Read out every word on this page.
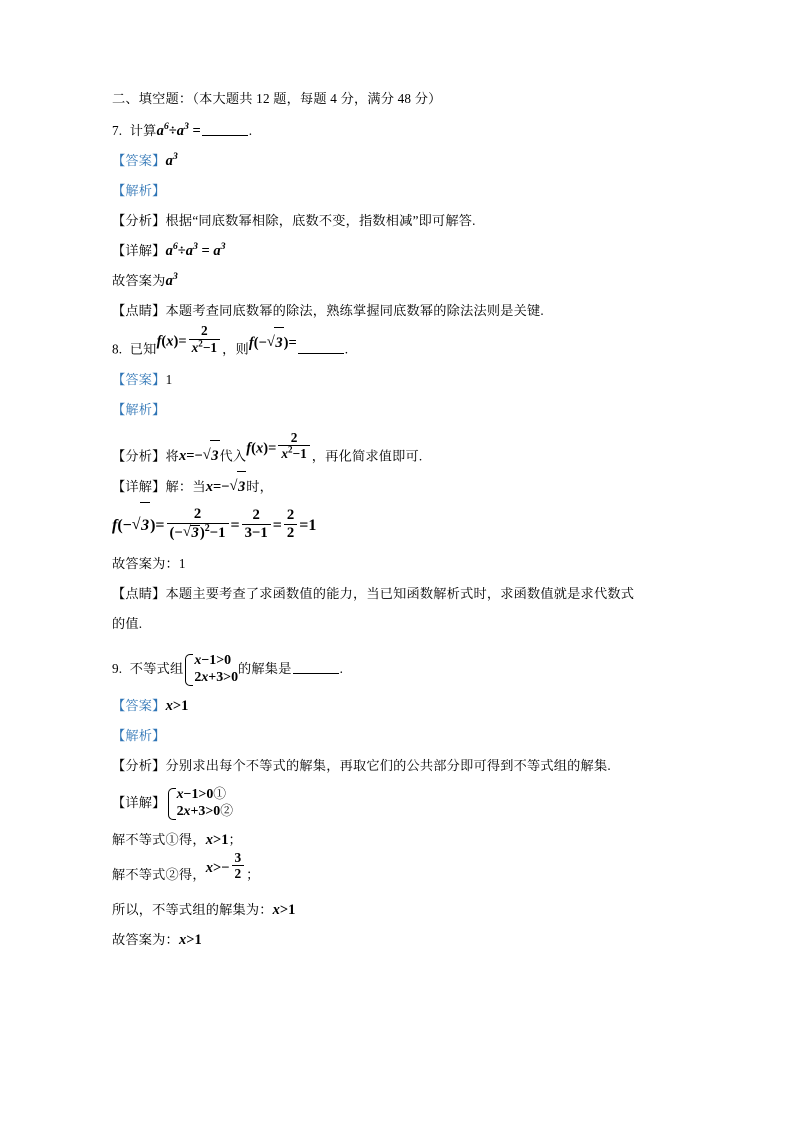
二、填空题：（本大题共 12 题，每题 4 分，满分 48 分）

7. 计算$a^6\div a^3$ =	.

【答案】$a^3$

【解析】

【分析】根据“同底数幂相除，底数不变，指数相减”即可解答.

【详解】$a^6\div a^3 = a^3$

故答案为$a^3$

【点睛】本题考查同底数幂的除法，熟练掌握同底数幂的除法法则是关键.

8. 已知$f(x)= \frac{2}{x^2-1}$ ，则f(− √ 3)=	.

【答案】1

【解析】

【分析】将x=− √ 3代入$f(x)= \frac{2}{x^2-1}$ ，再化简求值即可.

【详解】解：当x=− √ 3时，

f(− √ $3)= \frac{2}{(- √ 3)^2-1} = \frac{2}{3-1} = \frac{2}{2} =1$

故答案为：1

【点睛】本题主要考查了求函数值的能力，当已知函数解析式时，求函数值就是求代数式

的值.

9. 不等式组
x−1>0
2x+3>0
的解集是	.

【答案】x>1

【解析】

【分析】分别求出每个不等式的解集，再取它们的公共部分即可得到不等式组的解集.

【详解】
x−1>0①
2x+3>0②

解不等式①得，x>1；

解不等式②得，$x>- \frac{3}{2}$ ；

所以，不等式组的解集为：x>1

故答案为：x>1
